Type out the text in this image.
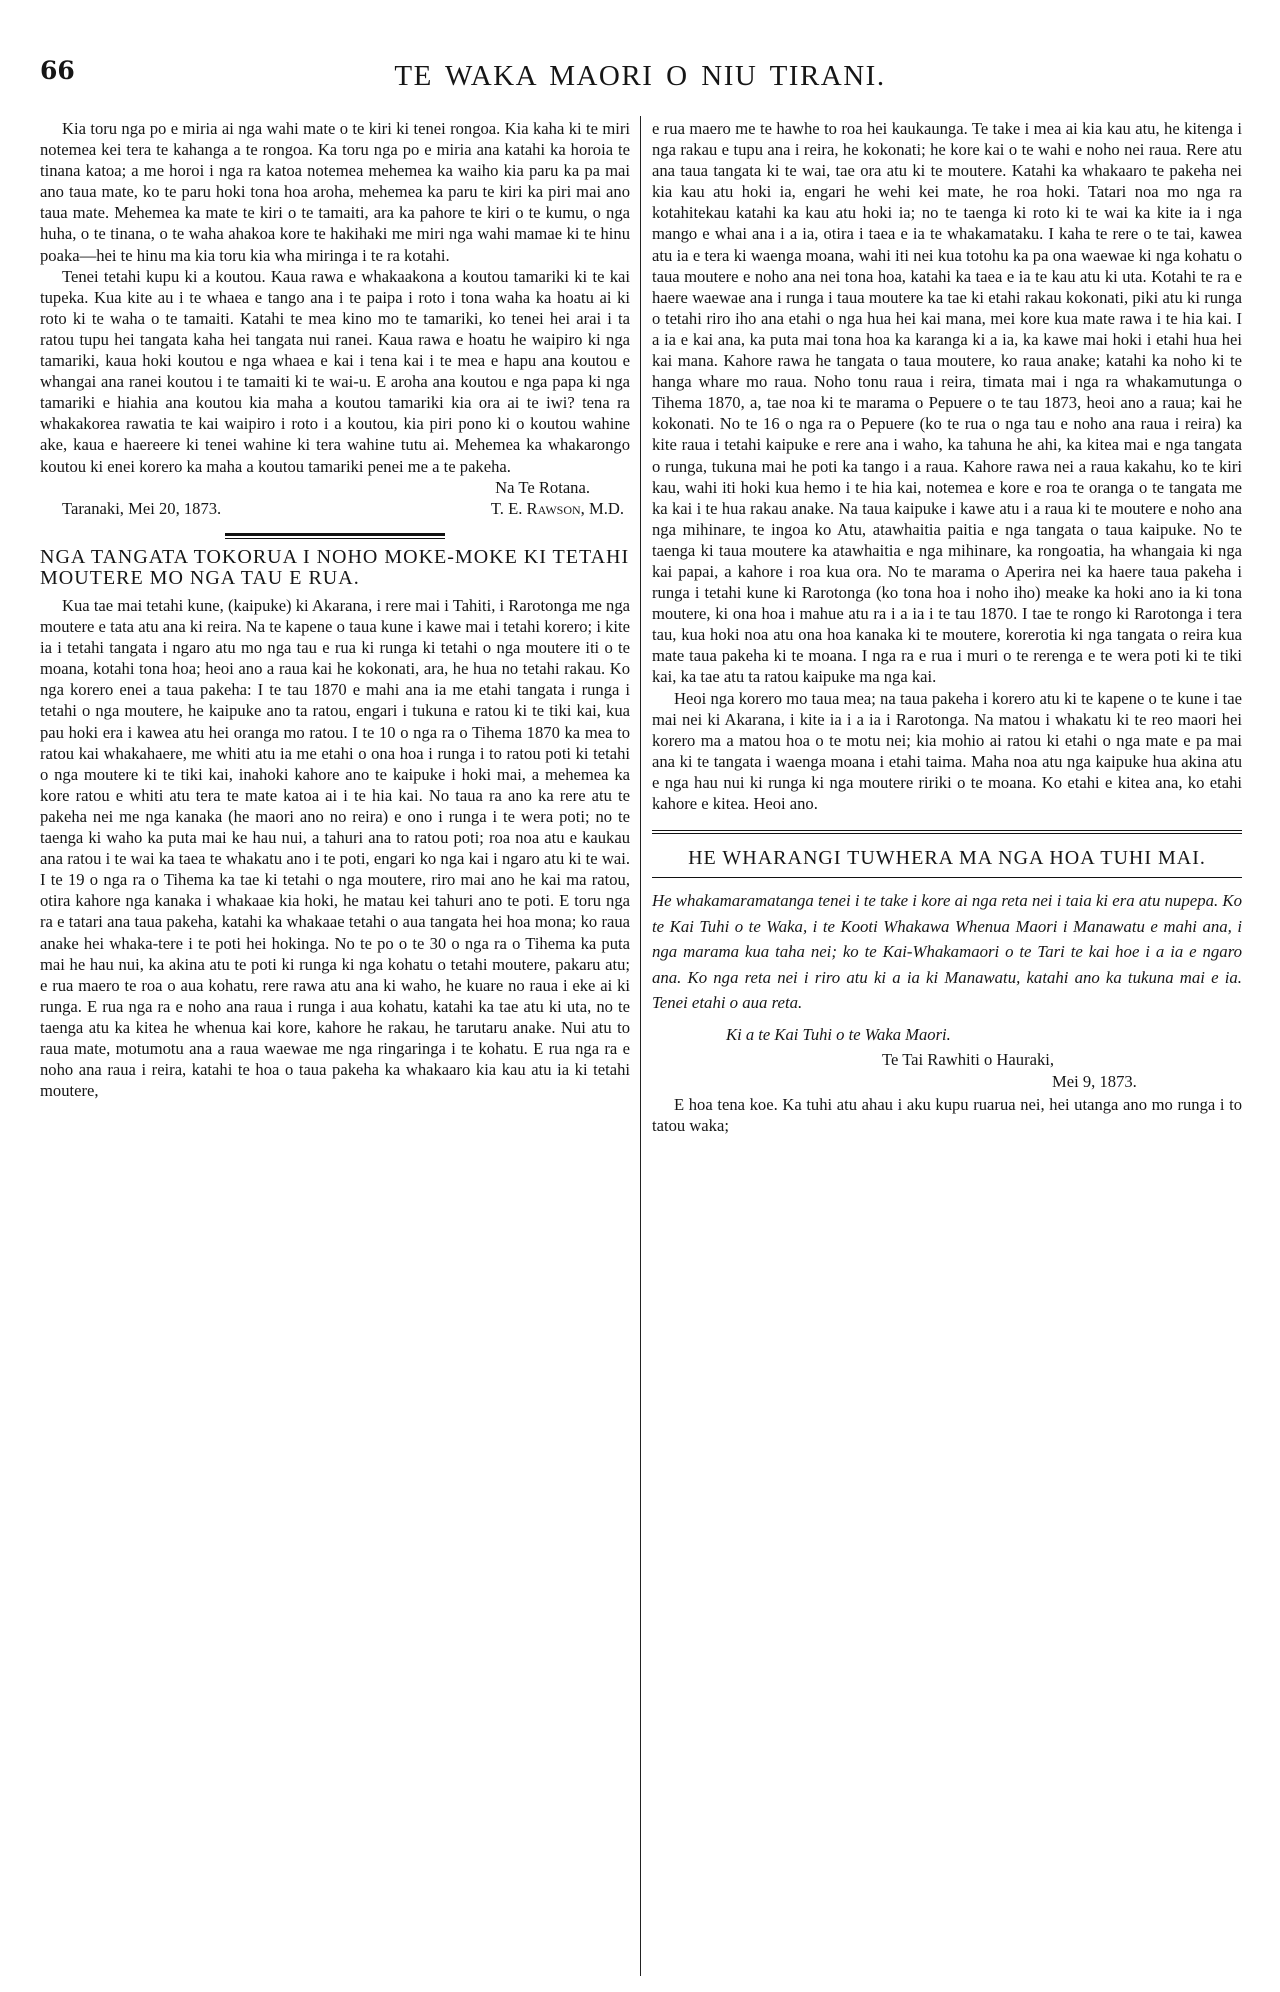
66	TE WAKA MAORI O NIU TIRANI.

Kia toru nga po e miria ai nga wahi mate o te kiri ki tenei rongoa. Kia kaha ki te miri notemea kei tera te kahanga a te rongoa. Ka toru nga po e miria ana katahi ka horoia te tinana katoa; a me horoi i nga ra katoa notemea mehemea ka waiho kia paru ka pa mai ano taua mate, ko te paru hoki tona hoa aroha, mehemea ka paru te kiri ka piri mai ano taua mate. Mehemea ka mate te kiri o te tamaiti, ara ka pahore te kiri o te kumu, o nga huha, o te tinana, o te waha ahakoa kore te hakihaki me miri nga wahi mamae ki te hinu poaka—hei te hinu ma kia toru kia wha miringa i te ra kotahi.

Tenei tetahi kupu ki a koutou. Kaua rawa e whakaakona a koutou tamariki ki te kai tupeka. Kua kite au i te whaea e tango ana i te paipa i roto i tona waha ka hoatu ai ki roto ki te waha o te tamaiti. Katahi te mea kino mo te tamariki, ko tenei hei arai i ta ratou tupu hei tangata kaha hei tangata nui ranei. Kaua rawa e hoatu he waipiro ki nga tamariki, kaua hoki koutou e nga whaea e kai i tena kai i te mea e hapu ana koutou e whangai ana ranei koutou i te tamaiti ki te wai-u. E aroha ana koutou e nga papa ki nga tamariki e hiahia ana koutou kia maha a koutou tamariki kia ora ai te iwi? tena ra whakakorea rawatia te kai waipiro i roto i a koutou, kia piri pono ki o koutou wahine ake, kaua e haereere ki tenei wahine ki tera wahine tutu ai. Mehemea ka whakarongo koutou ki enei korero ka maha a koutou tamariki penei me a te pakeha.

Na Te Rotana.
Taranaki, Mei 20, 1873.	T. E. Rawson, M.D.
NGA TANGATA TOKORUA I NOHO MOKE-MOKE KI TETAHI MOUTERE MO NGA TAU E RUA.

Kua tae mai tetahi kune, (kaipuke) ki Akarana, i rere mai i Tahiti, i Rarotonga me nga moutere e tata atu ana ki reira. Na te kapene o taua kune i kawe mai i tetahi korero; i kite ia i tetahi tangata i ngaro atu mo nga tau e rua ki runga ki tetahi o nga moutere iti o te moana, kotahi tona hoa; heoi ano a raua kai he kokonati, ara, he hua no tetahi rakau. Ko nga korero enei a taua pakeha: I te tau 1870 e mahi ana ia me etahi tangata i runga i tetahi o nga moutere, he kaipuke ano ta ratou, engari i tukuna e ratou ki te tiki kai, kua pau hoki era i kawea atu hei oranga mo ratou. I te 10 o nga ra o Tihema 1870 ka mea to ratou kai whakahaere, me whiti atu ia me etahi o ona hoa i runga i to ratou poti ki tetahi o nga moutere ki te tiki kai, inahoki kahore ano te kaipuke i hoki mai, a mehemea ka kore ratou e whiti atu tera te mate katoa ai i te hia kai. No taua ra ano ka rere atu te pakeha nei me nga kanaka (he maori ano no reira) e ono i runga i te wera poti; no te taenga ki waho ka puta mai ke hau nui, a tahuri ana to ratou poti; roa noa atu e kaukau ana ratou i te wai ka taea te whakatu ano i te poti, engari ko nga kai i ngaro atu ki te wai. I te 19 o nga ra o Tihema ka tae ki tetahi o nga moutere, riro mai ano he kai ma ratou, otira kahore nga kanaka i whakaae kia hoki, he matau kei tahuri ano te poti. E toru nga ra e tatari ana taua pakeha, katahi ka whakaae tetahi o aua tangata hei hoa mona; ko raua anake hei whaka-tere i te poti hei hokinga. No te po o te 30 o nga ra o Tihema ka puta mai he hau nui, ka akina atu te poti ki runga ki nga kohatu o tetahi moutere, pakaru atu; e rua maero te roa o aua kohatu, rere rawa atu ana ki waho, he kuare no raua i eke ai ki runga. E rua nga ra e noho ana raua i runga i aua kohatu, katahi ka tae atu ki uta, no te taenga atu ka kitea he whenua kai kore, kahore he rakau, he tarutaru anake. Nui atu to raua mate, motumotu ana a raua waewae me nga ringaringa i te kohatu. E rua nga ra e noho ana raua i reira, katahi te hoa o taua pakeha ka whakaaro kia kau atu ia ki tetahi moutere,

e rua maero me te hawhe to roa hei kaukaunga. Te take i mea ai kia kau atu, he kitenga i nga rakau e tupu ana i reira, he kokonati; he kore kai o te wahi e noho nei raua. Rere atu ana taua tangata ki te wai, tae ora atu ki te moutere. Katahi ka whakaaro te pakeha nei kia kau atu hoki ia, engari he wehi kei mate, he roa hoki. Tatari noa mo nga ra kotahitekau katahi ka kau atu hoki ia; no te taenga ki roto ki te wai ka kite ia i nga mango e whai ana i a ia, otira i taea e ia te whakamataku. I kaha te rere o te tai, kawea atu ia e tera ki waenga moana, wahi iti nei kua totohu ka pa ona waewae ki nga kohatu o taua moutere e noho ana nei tona hoa, katahi ka taea e ia te kau atu ki uta. Kotahi te ra e haere waewae ana i runga i taua moutere ka tae ki etahi rakau kokonati, piki atu ki runga o tetahi riro iho ana etahi o nga hua hei kai mana, mei kore kua mate rawa i te hia kai. I a ia e kai ana, ka puta mai tona hoa ka karanga ki a ia, ka kawe mai hoki i etahi hua hei kai mana. Kahore rawa he tangata o taua moutere, ko raua anake; katahi ka noho ki te hanga whare mo raua. Noho tonu raua i reira, timata mai i nga ra whakamutunga o Tihema 1870, a, tae noa ki te marama o Pepuere o te tau 1873, heoi ano a raua; kai he kokonati. No te 16 o nga ra o Pepuere (ko te rua o nga tau e noho ana raua i reira) ka kite raua i tetahi kaipuke e rere ana i waho, ka tahuna he ahi, ka kitea mai e nga tangata o runga, tukuna mai he poti ka tango i a raua. Kahore rawa nei a raua kakahu, ko te kiri kau, wahi iti hoki kua hemo i te hia kai, notemea e kore e roa te oranga o te tangata me ka kai i te hua rakau anake. Na taua kaipuke i kawe atu i a raua ki te moutere e noho ana nga mihinare, te ingoa ko Atu, atawhaitia paitia e nga tangata o taua kaipuke. No te taenga ki taua moutere ka atawhaitia e nga mihinare, ka rongoatia, ha whangaia ki nga kai papai, a kahore i roa kua ora. No te marama o Aperira nei ka haere taua pakeha i runga i tetahi kune ki Rarotonga (ko tona hoa i noho iho) meake ka hoki ano ia ki tona moutere, ki ona hoa i mahue atu ra i a ia i te tau 1870. I tae te rongo ki Rarotonga i tera tau, kua hoki noa atu ona hoa kanaka ki te moutere, korerotia ki nga tangata o reira kua mate taua pakeha ki te moana. I nga ra e rua i muri o te rerenga e te wera poti ki te tiki kai, ka tae atu ta ratou kaipuke ma nga kai.

Heoi nga korero mo taua mea; na taua pakeha i korero atu ki te kapene o te kune i tae mai nei ki Akarana, i kite ia i a ia i Rarotonga. Na matou i whakatu ki te reo maori hei korero ma a matou hoa o te motu nei; kia mohio ai ratou ki etahi o nga mate e pa mai ana ki te tangata i waenga moana i etahi taima. Maha noa atu nga kaipuke hua akina atu e nga hau nui ki runga ki nga moutere ririki o te moana. Ko etahi e kitea ana, ko etahi kahore e kitea. Heoi ano.

HE WHARANGI TUWHERA MA NGA HOA TUHI MAI.
He whakamaramatanga tenei i te take i kore ai nga reta nei i taia ki era atu nupepa. Ko te Kai Tuhi o te Waka, i te Kooti Whakawa Whenua Maori i Manawatu e mahi ana, i nga marama kua taha nei; ko te Kai-Whakamaori o te Tari te kai hoe i a ia e ngaro ana. Ko nga reta nei i riro atu ki a ia ki Manawatu, katahi ano ka tukuna mai e ia. Tenei etahi o aua reta.
Ki a te Kai Tuhi o te Waka Maori.
Te Tai Rawhiti o Hauraki,
Mei 9, 1873.

E hoa tena koe. Ka tuhi atu ahau i aku kupu ruarua nei, hei utanga ano mo runga i to tatou waka;
